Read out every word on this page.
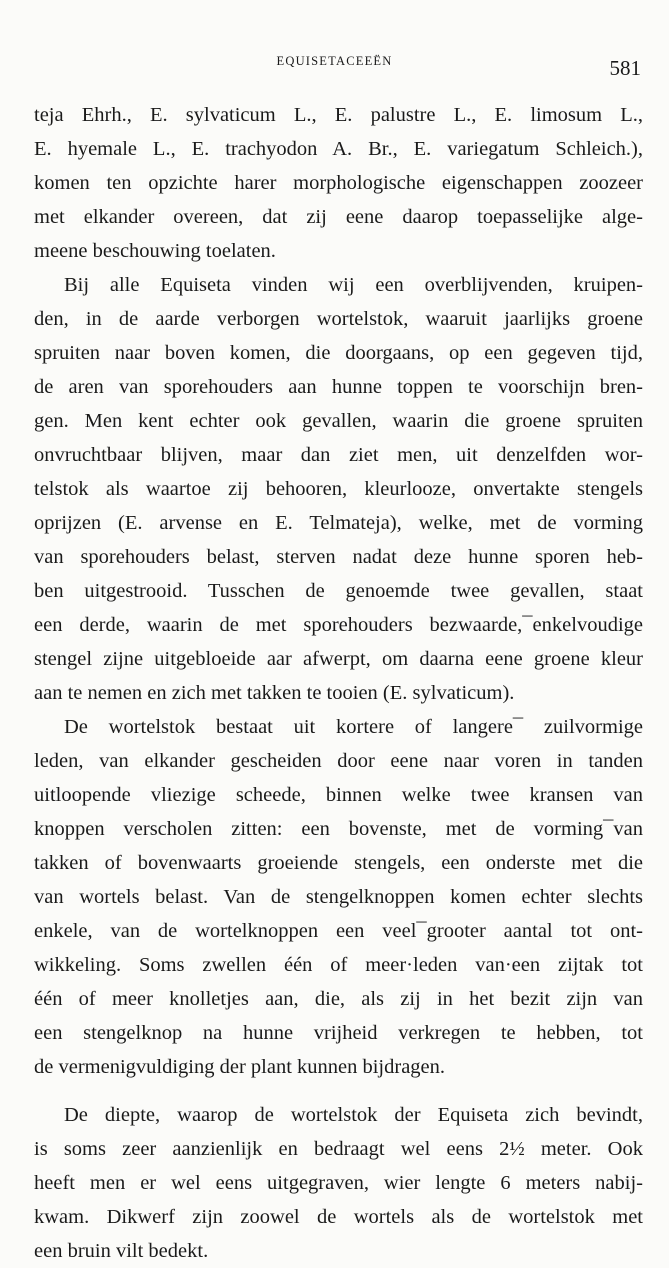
EQUISETACEEËN	581
teja Ehrh., E. sylvaticum L., E. palustre L., E. limosum L.,
E. hyemale L., E. trachyodon A. Br., E. variegatum Schleich.),
komen ten opzichte harer morphologische eigenschappen zoozeer
met elkander overeen, dat zij eene daarop toepasselijke alge-
meene beschouwing toelaten.
Bij alle Equiseta vinden wij een overblijvenden, kruipen-
den, in de aarde verborgen wortelstok, waaruit jaarlijks groene
spruiten naar boven komen, die doorgaans, op een gegeven tijd,
de aren van sporehouders aan hunne toppen te voorschijn bren-
gen. Men kent echter ook gevallen, waarin die groene spruiten
onvruchtbaar blijven, maar dan ziet men, uit denzelfden wor-
telstok als waartoe zij behooren, kleurlooze, onvertakte stengels
oprijzen (E. arvense en E. Telmateja), welke, met de vorming
van sporehouders belast, sterven nadat deze hunne sporen heb-
ben uitgestrooid. Tusschen de genoemde twee gevallen, staat
een derde, waarin de met sporehouders bezwaarde,¯enkelvoudige
stengel zijne uitgebloeide aar afwerpt, om daarna eene groene kleur
aan te nemen en zich met takken te tooien (E. sylvaticum).
De wortelstok bestaat uit kortere of langere¯ zuilvormige
leden, van elkander gescheiden door eene naar voren in tanden
uitloopende vliezige scheede, binnen welke twee kransen van
knoppen verscholen zitten: een bovenste, met de vorming¯van
takken of bovenwaarts groeiende stengels, een onderste met die
van wortels belast. Van de stengelknoppen komen echter slechts
enkele, van de wortelknoppen een veel¯grooter aantal tot ont-
wikkeling. Soms zwellen één of meer·leden van·een zijtak tot
één of meer knolletjes aan, die, als zij in het bezit zijn van
een stengelknop na hunne vrijheid verkregen te hebben, tot
de vermenigvuldiging der plant kunnen bijdragen.
De diepte, waarop de wortelstok der Equiseta zich bevindt,
is soms zeer aanzienlijk en bedraagt wel eens 2½ meter. Ook
heeft men er wel eens uitgegraven, wier lengte 6 meters nabij-
kwam. Dikwerf zijn zoowel de wortels als de wortelstok met
een bruin vilt bedekt.
